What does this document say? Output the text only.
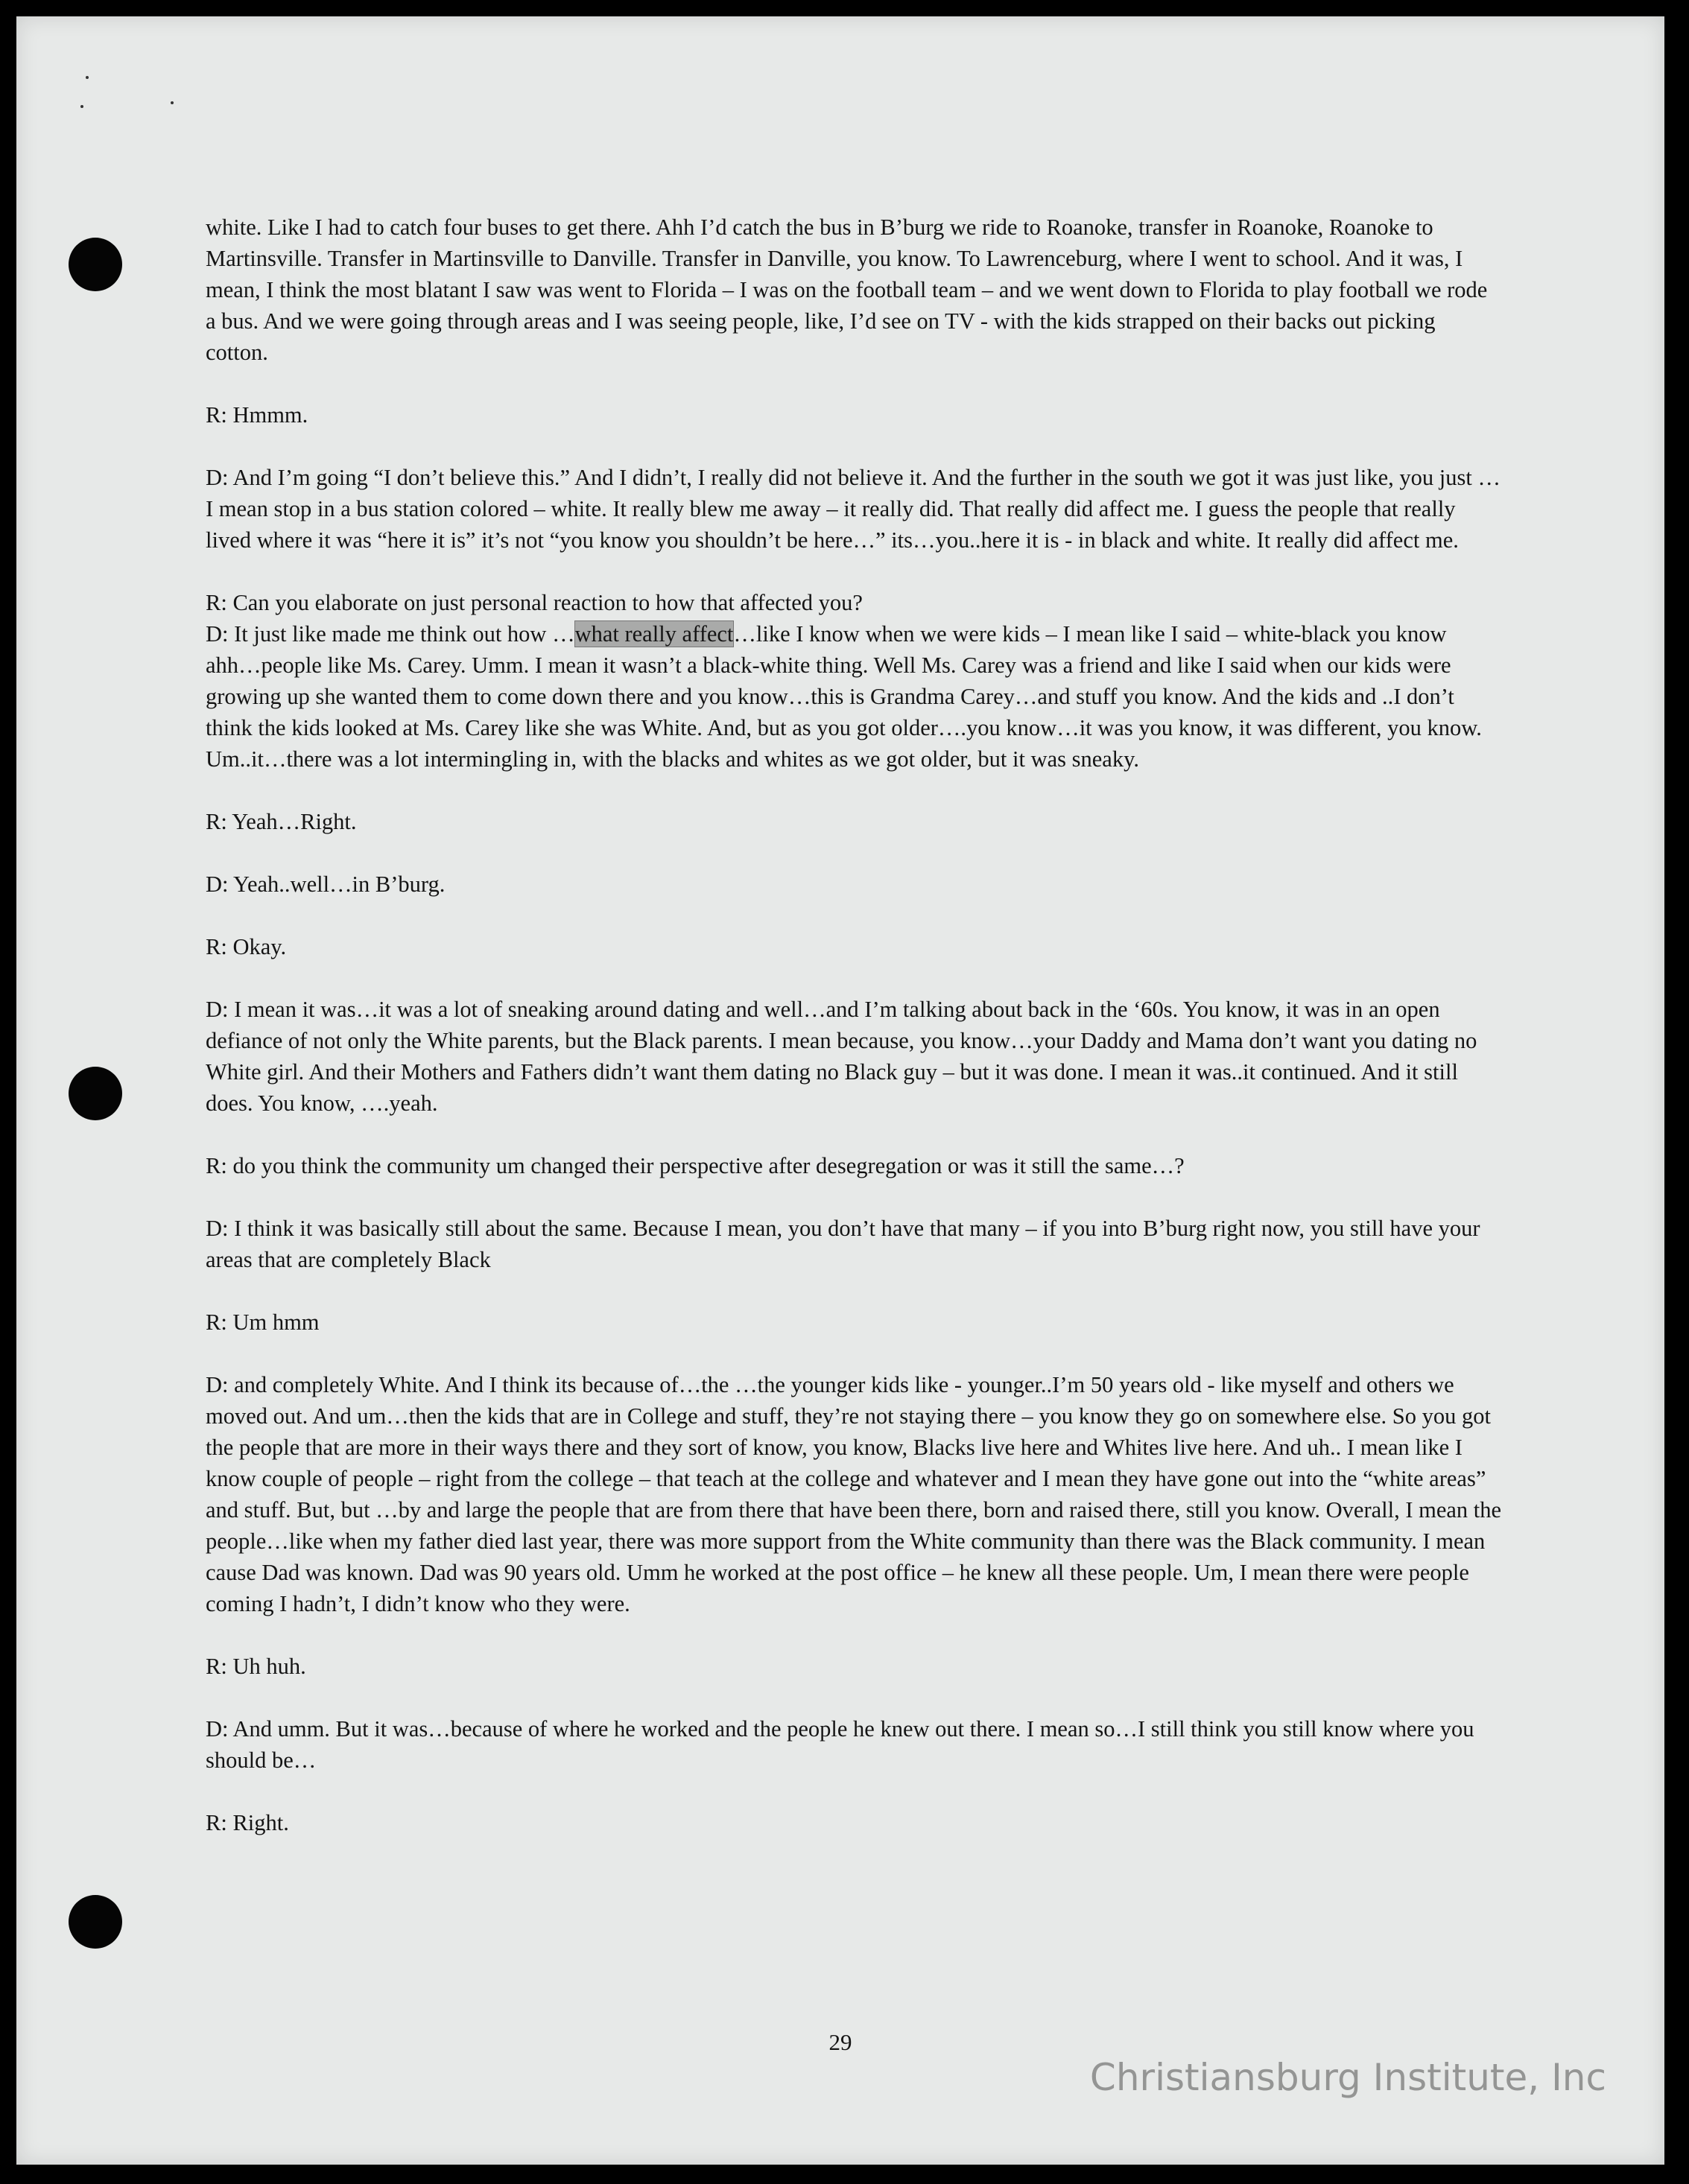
white. Like I had to catch four buses to get there. Ahh I’d catch the bus in B’burg we ride to Roanoke, transfer in Roanoke, Roanoke to Martinsville. Transfer in Martinsville to Danville. Transfer in Danville, you know. To Lawrenceburg, where I went to school. And it was, I mean, I think the most blatant I saw was went to Florida – I was on the football team – and we went down to Florida to play football we rode a bus. And we were going through areas and I was seeing people, like, I’d see on TV - with the kids strapped on their backs out picking cotton.

R: Hmmm.

D: And I’m going “I don’t believe this.” And I didn’t, I really did not believe it. And the further in the south we got it was just like, you just …I mean stop in a bus station colored – white. It really blew me away – it really did. That really did affect me. I guess the people that really lived where it was “here it is” it’s not “you know you shouldn’t be here…” its…you..here it is - in black and white. It really did affect me.

R: Can you elaborate on just personal reaction to how that affected you?

D: It just like made me think out how …what really affect…like I know when we were kids – I mean like I said – white-black you know ahh…people like Ms. Carey. Umm. I mean it wasn’t a black-white thing. Well Ms. Carey was a friend and like I said when our kids were growing up she wanted them to come down there and you know…this is Grandma Carey…and stuff you know. And the kids and ..I don’t think the kids looked at Ms. Carey like she was White. And, but as you got older….you know…it was you know, it was different, you know. Um..it…there was a lot intermingling in, with the blacks and whites as we got older, but it was sneaky.

R: Yeah…Right.

D: Yeah..well…in B’burg.

R: Okay.

D: I mean it was…it was a lot of sneaking around dating and well…and I’m talking about back in the ‘60s. You know, it was in an open defiance of not only the White parents, but the Black parents. I mean because, you know…your Daddy and Mama don’t want you dating no White girl. And their Mothers and Fathers didn’t want them dating no Black guy – but it was done. I mean it was..it continued. And it still does. You know, ….yeah.

R: do you think the community um changed their perspective after desegregation or was it still the same…?

D: I think it was basically still about the same. Because I mean, you don’t have that many – if you into B’burg right now, you still have your areas that are completely Black

R: Um hmm

D: and completely White. And I think its because of…the …the younger kids like - younger..I’m 50 years old - like myself and others we moved out. And um…then the kids that are in College and stuff, they’re not staying there – you know they go on somewhere else. So you got the people that are more in their ways there and they sort of know, you know, Blacks live here and Whites live here. And uh.. I mean like I know couple of people – right from the college – that teach at the college and whatever and I mean they have gone out into the “white areas” and stuff. But, but …by and large the people that are from there that have been there, born and raised there, still you know. Overall, I mean the people…like when my father died last year, there was more support from the White community than there was the Black community. I mean cause Dad was known. Dad was 90 years old. Umm he worked at the post office – he knew all these people. Um, I mean there were people coming I hadn’t, I didn’t know who they were.

R: Uh huh.

D: And umm. But it was…because of where he worked and the people he knew out there. I mean so…I still think you still know where you should be…

R: Right.

29
Christiansburg Institute, Inc
